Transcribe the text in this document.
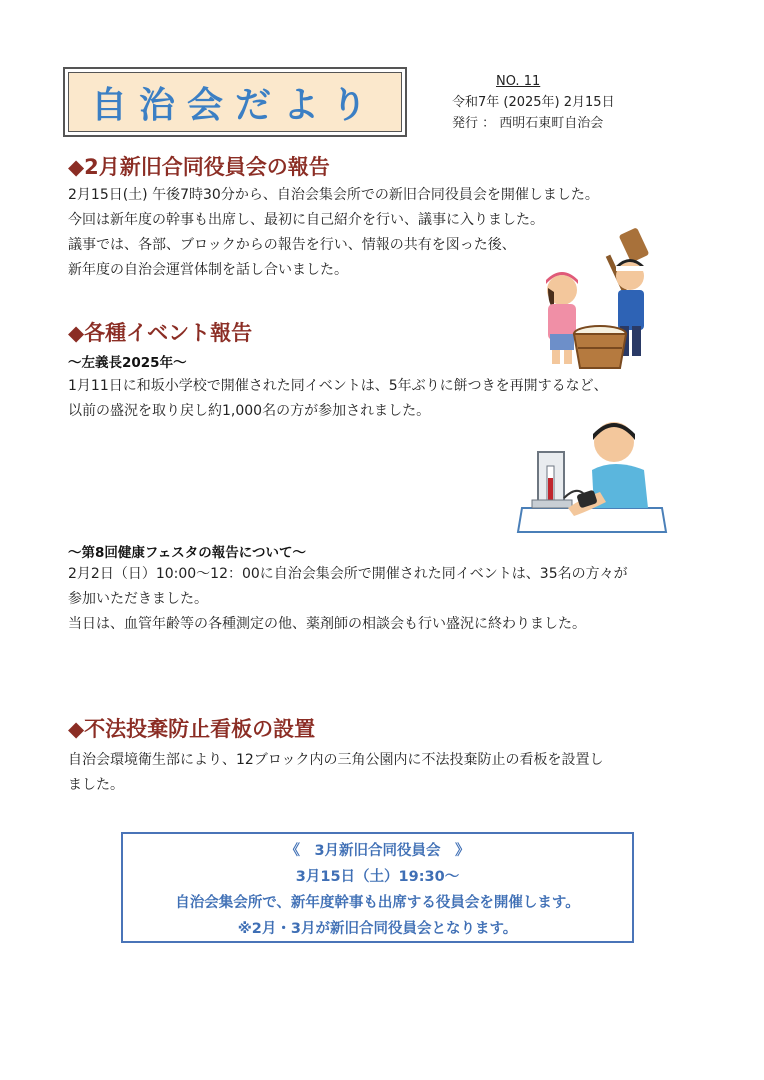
自治会だより
NO. 11
令和7年 (2025年) 2月15日
発行 ： 西明石東町自治会
◆2月新旧合同役員会の報告
2月15日(土) 午後7時30分から、自治会集会所での新旧合同役員会を開催しました。
今回は新年度の幹事も出席し、最初に自己紹介を行い、議事に入りました。
議事では、各部、ブロックからの報告を行い、情報の共有を図った後、
新年度の自治会運営体制を話し合いました。
◆各種イベント報告
～左義長2025年～
1月11日に和坂小学校で開催された同イベントは、5年ぶりに餅つきを再開するなど、
以前の盛況を取り戻し約1,000名の方が参加されました。
～第8回健康フェスタの報告について～
2月2日（日）10:00～12：00に自治会集会所で開催された同イベントは、35名の方々が
参加いただきました。
当日は、血管年齢等の各種測定の他、薬剤師の相談会も行い盛況に終わりました。
◆不法投棄防止看板の設置
自治会環境衛生部により、12ブロック内の三角公園内に不法投棄防止の看板を設置し
ました。
《　3月新旧合同役員会　》
3月15日（土）19:30～
自治会集会所で、新年度幹事も出席する役員会を開催します。
※2月・3月が新旧合同役員会となります。
